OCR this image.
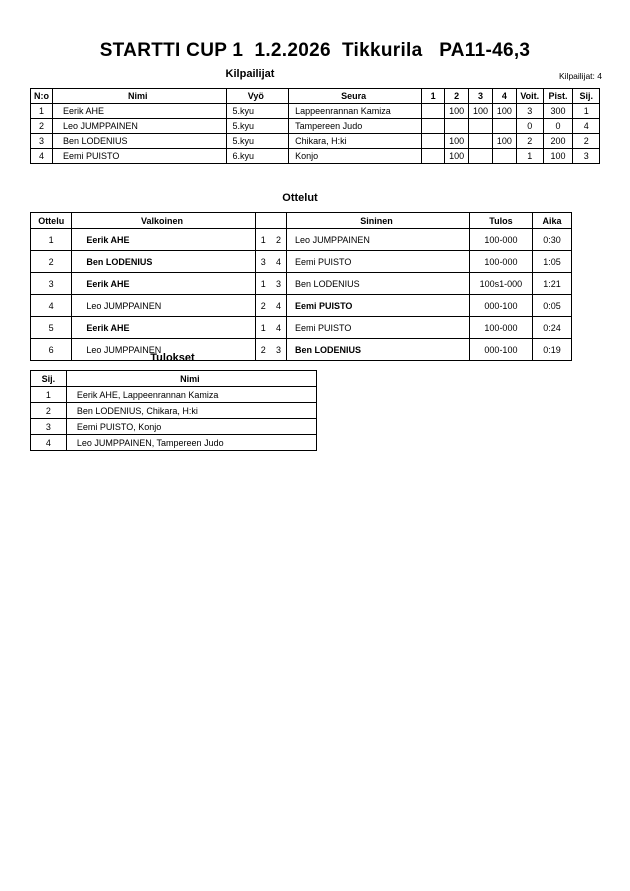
STARTTI CUP 1  1.2.2026  Tikkurila   PA11-46,3
Kilpailijat	Kilpailijat: 4
N:o	Nimi	Vyö	Seura	1	2	3	4	Voit.	Pist.	Sij.
1	Eerik AHE	5.kyu	Lappeenrannan Kamiza		100	100	100	3	300	1
2	Leo JUMPPAINEN	5.kyu	Tampereen Judo					0	0	4
3	Ben LODENIUS	5.kyu	Chikara, H:ki		100		100	2	200	2
4	Eemi PUISTO	6.kyu	Konjo		100			1	100	3
Ottelut
Ottelu	Valkoinen			Sininen	Tulos	Aika
1	Eerik AHE	1	2	Leo JUMPPAINEN	100-000	0:30
2	Ben LODENIUS	3	4	Eemi PUISTO	100-000	1:05
3	Eerik AHE	1	3	Ben LODENIUS	100s1-000	1:21
4	Leo JUMPPAINEN	2	4	Eemi PUISTO	000-100	0:05
5	Eerik AHE	1	4	Eemi PUISTO	100-000	0:24
6	Leo JUMPPAINEN	2	3	Ben LODENIUS	000-100	0:19
Tulokset
Sij.	Nimi
1	Eerik AHE, Lappeenrannan Kamiza
2	Ben LODENIUS, Chikara, H:ki
3	Eemi PUISTO, Konjo
4	Leo JUMPPAINEN, Tampereen Judo
